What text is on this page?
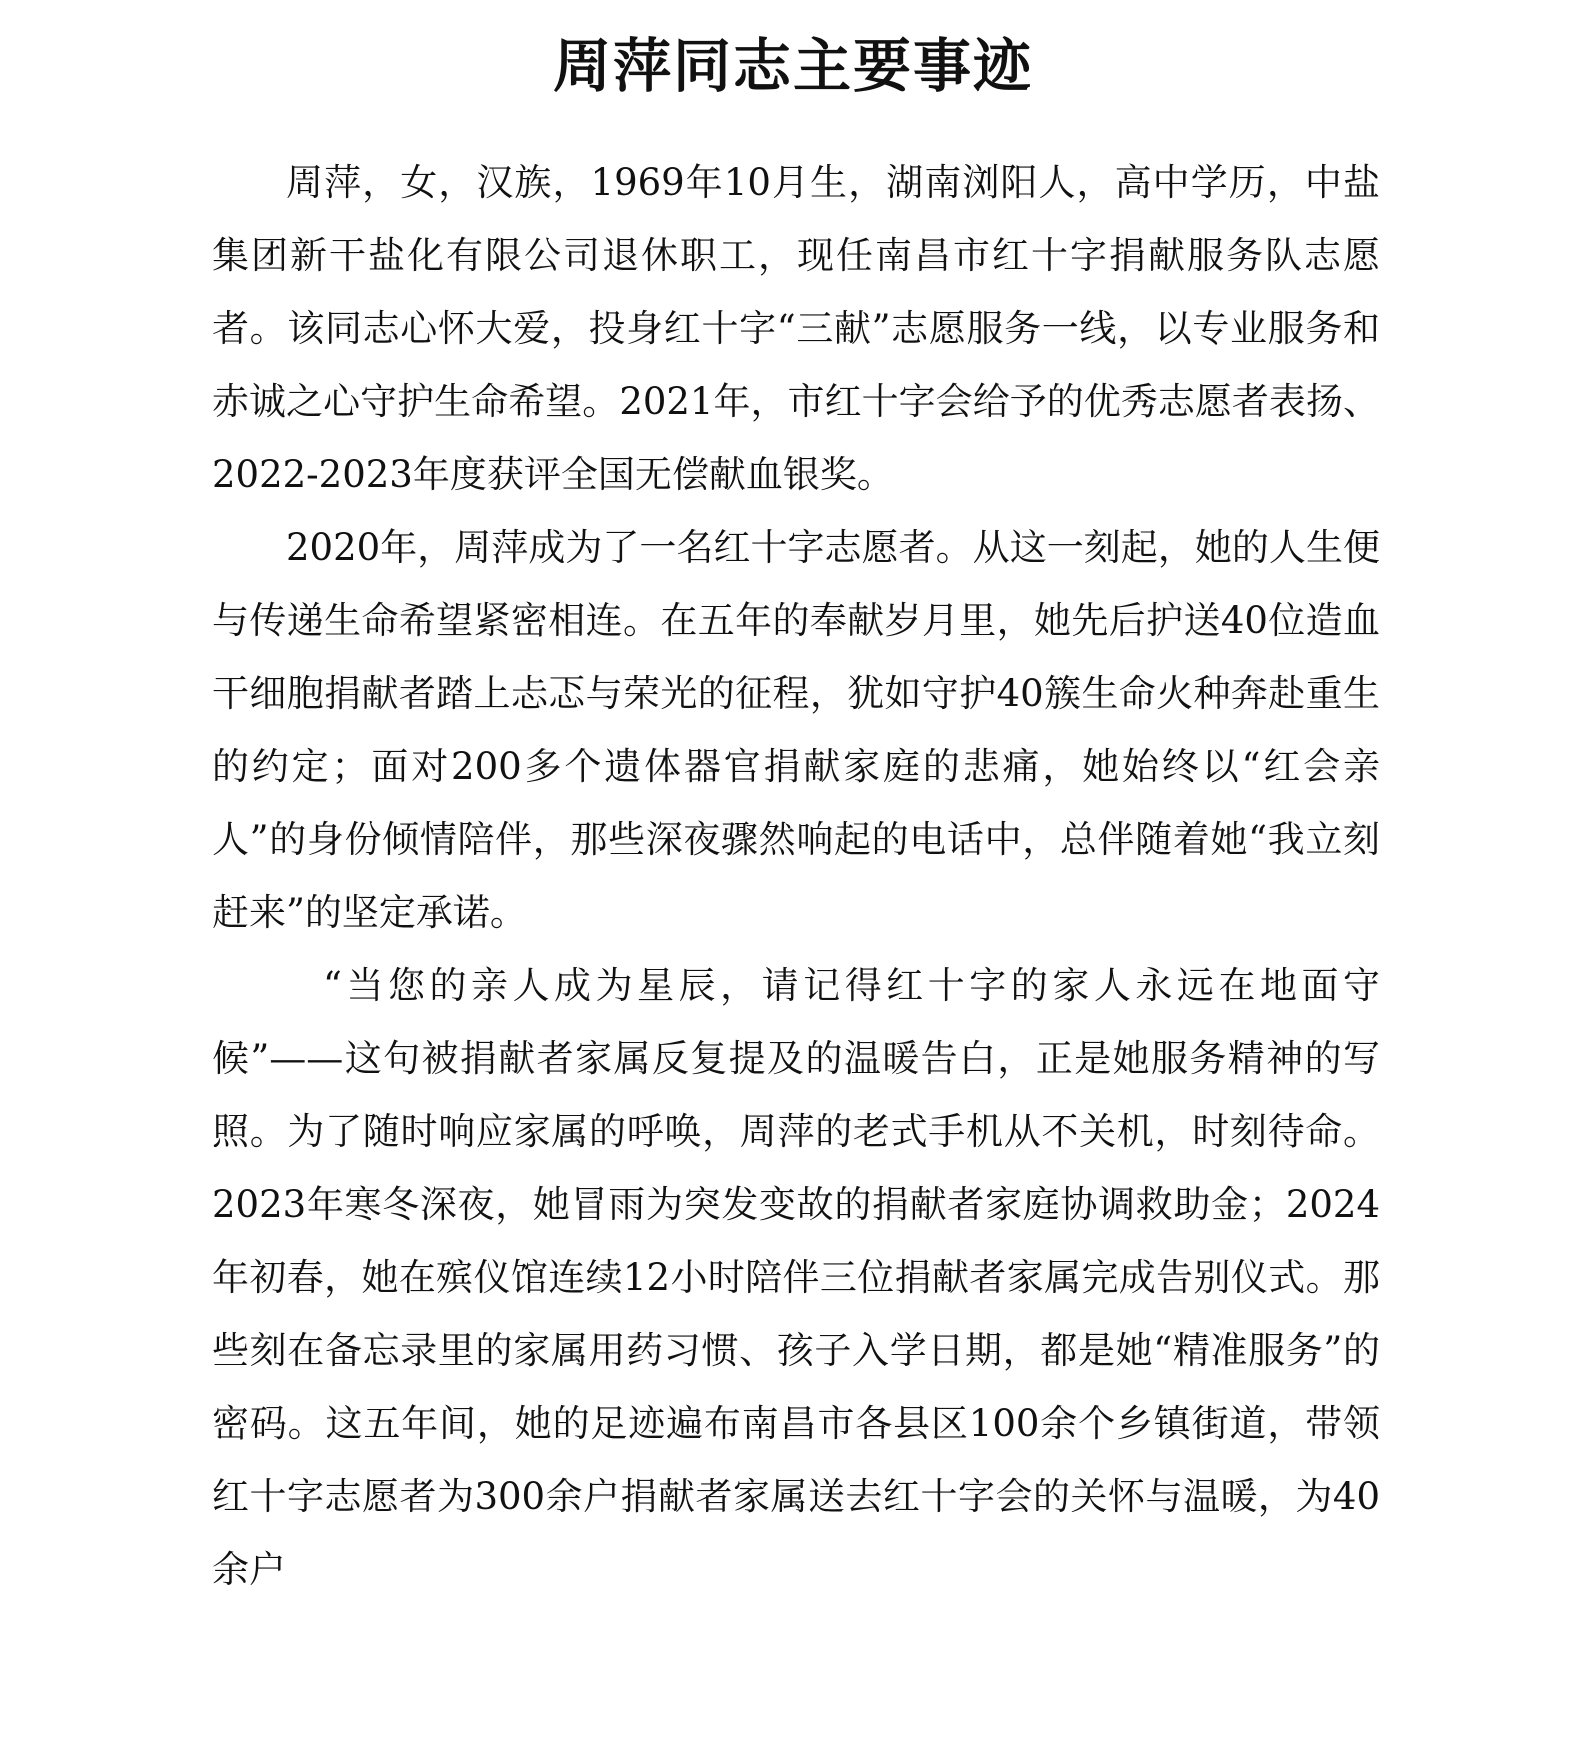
周萍同志主要事迹

周萍，女，汉族，1969年10月生，湖南浏阳人，高中学历，中盐集团新干盐化有限公司退休职工，现任南昌市红十字捐献服务队志愿者。该同志心怀大爱，投身红十字“三献”志愿服务一线，以专业服务和赤诚之心守护生命希望。2021年，市红十字会给予的优秀志愿者表扬、2022-2023年度获评全国无偿献血银奖。

2020年，周萍成为了一名红十字志愿者。从这一刻起，她的人生便与传递生命希望紧密相连。在五年的奉献岁月里，她先后护送40位造血干细胞捐献者踏上忐忑与荣光的征程，犹如守护40簇生命火种奔赴重生的约定；面对200多个遗体器官捐献家庭的悲痛，她始终以“红会亲人”的身份倾情陪伴，那些深夜骤然响起的电话中，总伴随着她“我立刻赶来”的坚定承诺。

“当您的亲人成为星辰，请记得红十字的家人永远在地面守候”——这句被捐献者家属反复提及的温暖告白，正是她服务精神的写照。为了随时响应家属的呼唤，周萍的老式手机从不关机，时刻待命。2023年寒冬深夜，她冒雨为突发变故的捐献者家庭协调救助金；2024年初春，她在殡仪馆连续12小时陪伴三位捐献者家属完成告别仪式。那些刻在备忘录里的家属用药习惯、孩子入学日期，都是她“精准服务”的密码。这五年间，她的足迹遍布南昌市各县区100余个乡镇街道，带领红十字志愿者为300余户捐献者家属送去红十字会的关怀与温暖，为40余户
